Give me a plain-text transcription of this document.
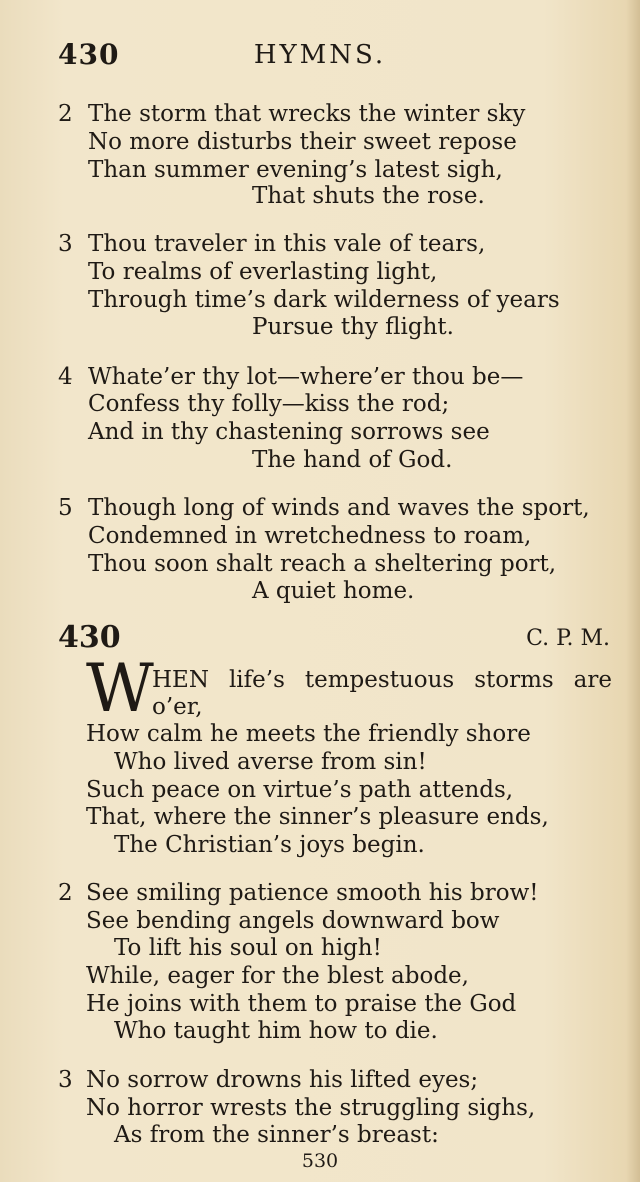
430	HYMNS.
2 The storm that wrecks the winter sky
No more disturbs their sweet repose
Than summer evening’s latest sigh,
That shuts the rose.
3 Thou traveler in this vale of tears,
To realms of everlasting light,
Through time’s dark wilderness of years
Pursue thy flight.
4 Whate’er thy lot—where’er thou be—
Confess thy folly—kiss the rod;
And in thy chastening sorrows see
The hand of God.
5 Though long of winds and waves the sport,
Condemned in wretchedness to roam,
Thou soon shalt reach a sheltering port,
A quiet home.
430	C. P. M.
W
HEN life’s tempestuous storms are
o’er,
How calm he meets the friendly shore
Who lived averse from sin!
Such peace on virtue’s path attends,
That, where the sinner’s pleasure ends,
The Christian’s joys begin.
2 See smiling patience smooth his brow!
See bending angels downward bow
To lift his soul on high!
While, eager for the blest abode,
He joins with them to praise the God
Who taught him how to die.
3 No sorrow drowns his lifted eyes;
No horror wrests the struggling sighs,
As from the sinner’s breast:
530
